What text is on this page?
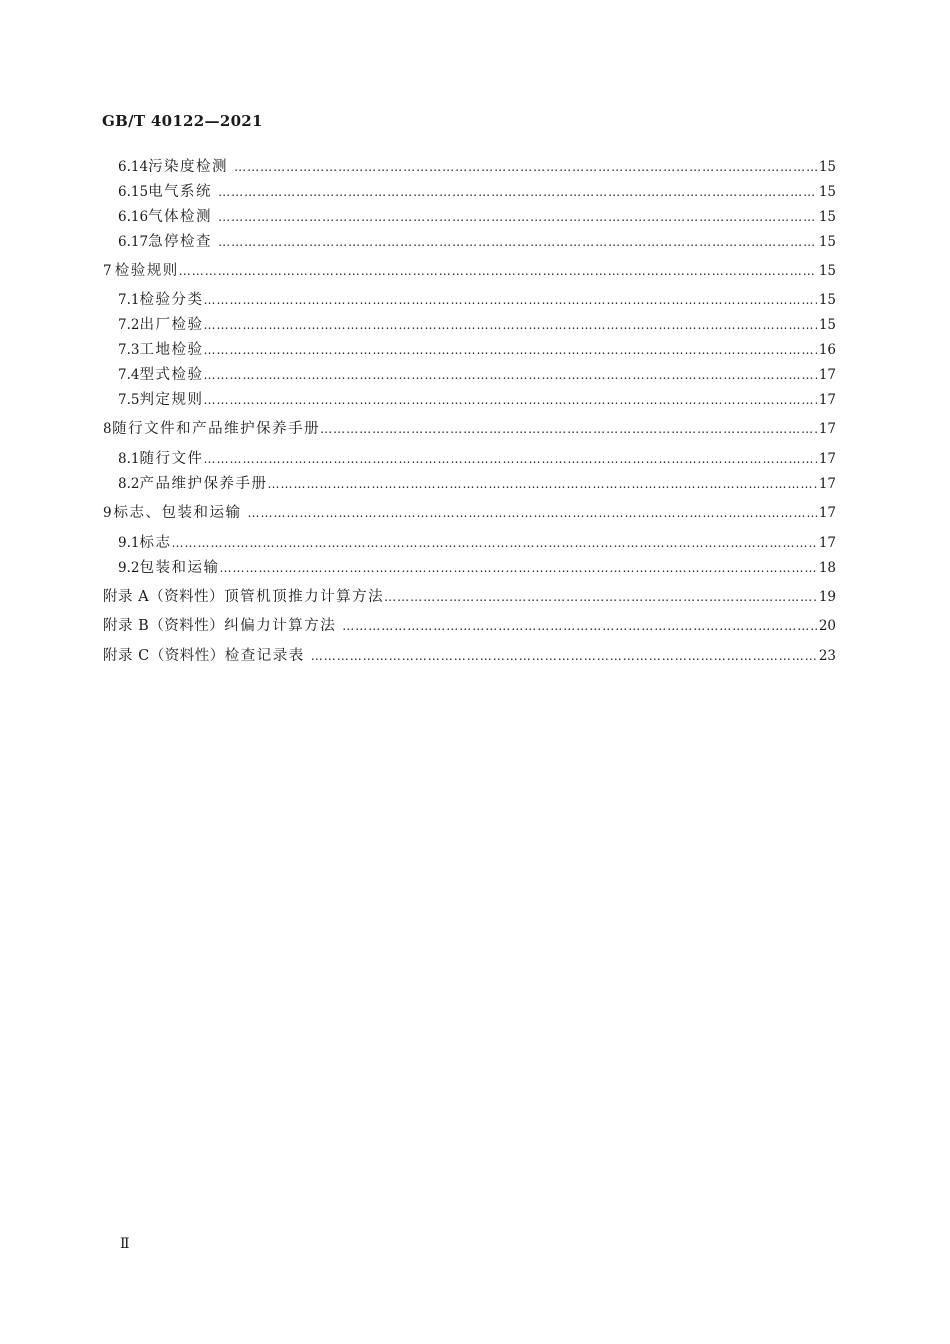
GB/T 40122—2021
6.14 污染度检测 …………………………………………………………………………………………………………………………………………………………………………………………………………………………………………………………………………	15
6.15 电气系统 …………………………………………………………………………………………………………………………………………………………………………………………………………………………………………………………………………	15
6.16 气体检测 …………………………………………………………………………………………………………………………………………………………………………………………………………………………………………………………………………	15
6.17 急停检查 …………………………………………………………………………………………………………………………………………………………………………………………………………………………………………………………………………	15
7 检验规则 …………………………………………………………………………………………………………………………………………………………………………………………………………………………………………………………………………	15
7.1 检验分类 …………………………………………………………………………………………………………………………………………………………………………………………………………………………………………………………………………	15
7.2 出厂检验 …………………………………………………………………………………………………………………………………………………………………………………………………………………………………………………………………………	15
7.3 工地检验 …………………………………………………………………………………………………………………………………………………………………………………………………………………………………………………………………………	16
7.4 型式检验 …………………………………………………………………………………………………………………………………………………………………………………………………………………………………………………………………………	17
7.5 判定规则 …………………………………………………………………………………………………………………………………………………………………………………………………………………………………………………………………………	17
8 随行文件和产品维护保养手册 …………………………………………………………………………………………………………………………………………………………………………………………………………………………………………………………………………	17
8.1 随行文件 …………………………………………………………………………………………………………………………………………………………………………………………………………………………………………………………………………	17
8.2 产品维护保养手册 …………………………………………………………………………………………………………………………………………………………………………………………………………………………………………………………………………	17
9 标志、包装和运输 …………………………………………………………………………………………………………………………………………………………………………………………………………………………………………………………………………	17
9.1 标志 …………………………………………………………………………………………………………………………………………………………………………………………………………………………………………………………………………	17
9.2 包装和运输 …………………………………………………………………………………………………………………………………………………………………………………………………………………………………………………………………………	18
附录 A（资料性） 顶管机顶推力计算方法 …………………………………………………………………………………………………………………………………………………………………………………………………………………………………………………………………………	19
附录 B（资料性） 纠偏力计算方法 …………………………………………………………………………………………………………………………………………………………………………………………………………………………………………………………………………	20
附录 C（资料性） 检查记录表 …………………………………………………………………………………………………………………………………………………………………………………………………………………………………………………………………………	23
Ⅱ
